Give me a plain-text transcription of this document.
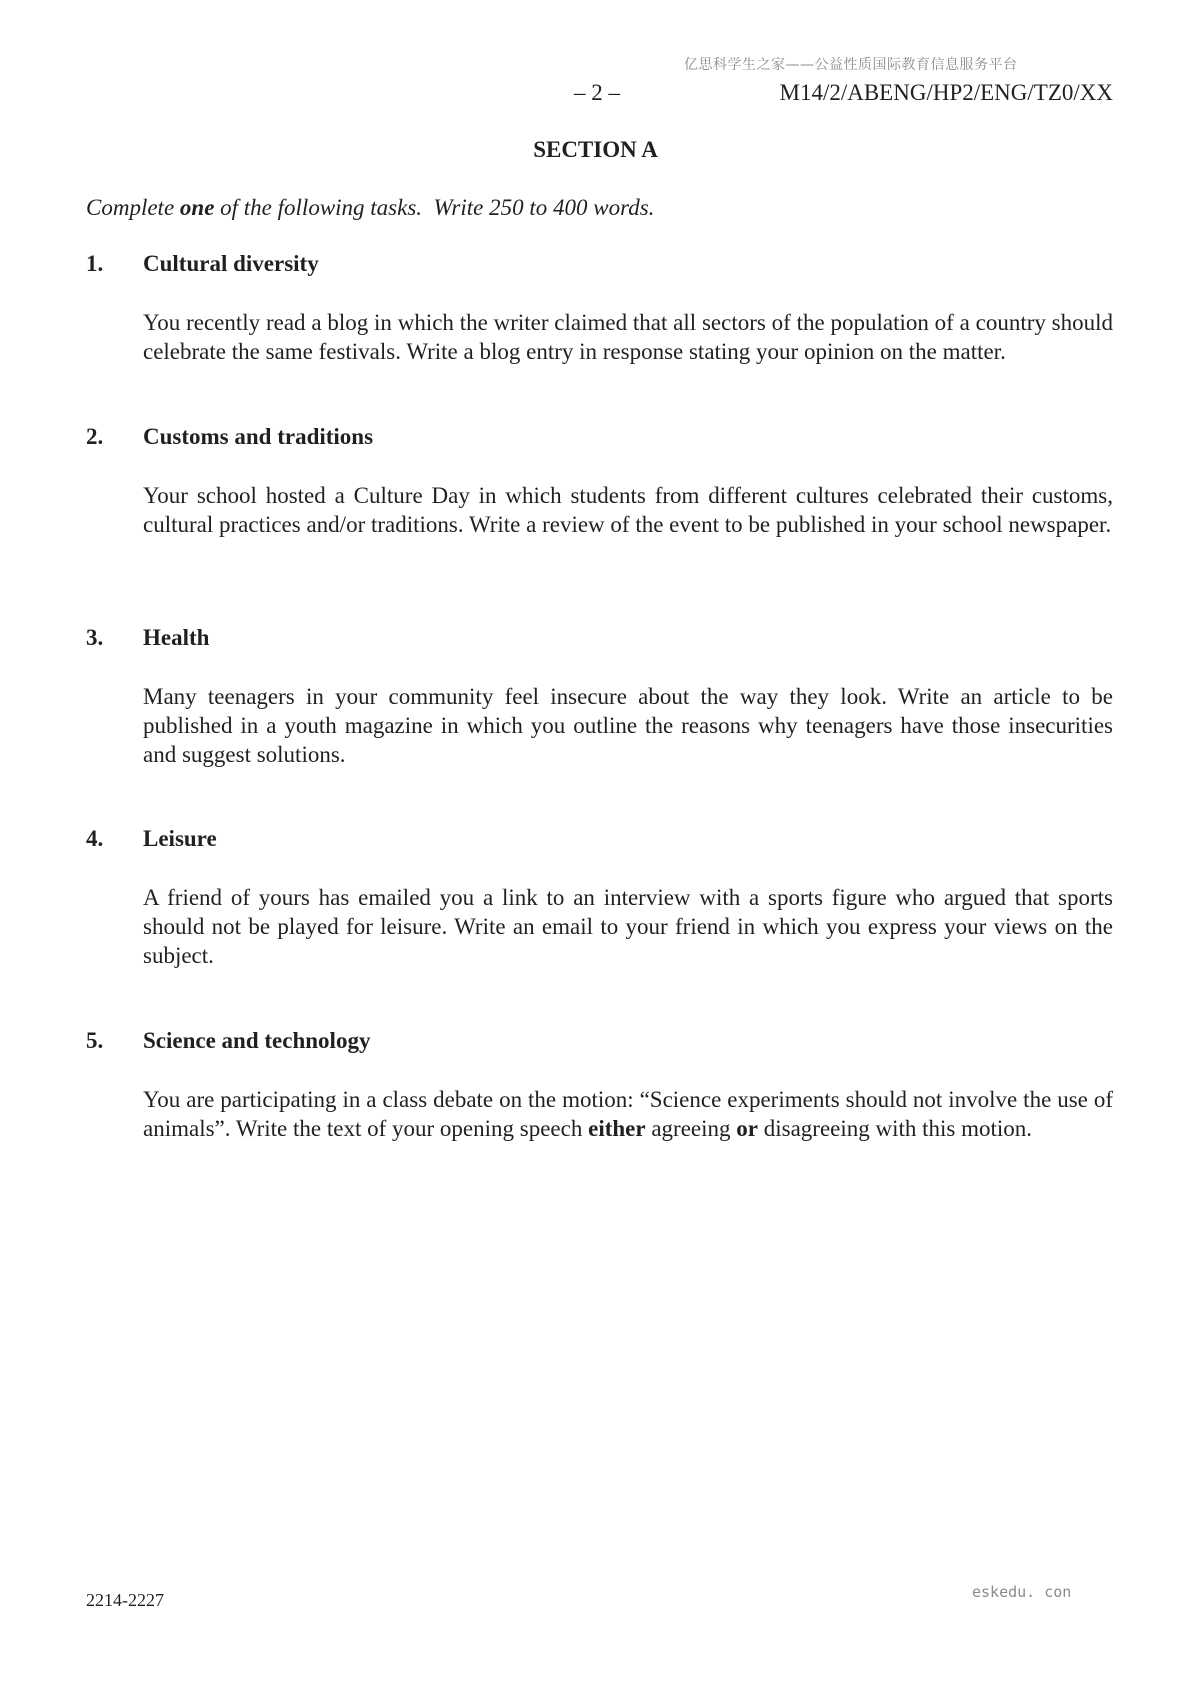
亿思科学生之家——公益性质国际教育信息服务平台
– 2 –	M14/2/ABENG/HP2/ENG/TZ0/XX
SECTION A
Complete one of the following tasks.  Write 250 to 400 words.
1. Cultural diversity
You recently read a blog in which the writer claimed that all sectors of the population of a country should celebrate the same festivals. Write a blog entry in response stating your opinion on the matter.
2. Customs and traditions
Your school hosted a Culture Day in which students from different cultures celebrated their customs, cultural practices and/or traditions. Write a review of the event to be published in your school newspaper.
3. Health
Many teenagers in your community feel insecure about the way they look. Write an article to be published in a youth magazine in which you outline the reasons why teenagers have those insecurities and suggest solutions.
4. Leisure
A friend of yours has emailed you a link to an interview with a sports figure who argued that sports should not be played for leisure. Write an email to your friend in which you express your views on the subject.
5. Science and technology
You are participating in a class debate on the motion: “Science experiments should not involve the use of animals”. Write the text of your opening speech either agreeing or disagreeing with this motion.
2214-2227	eskedu. con
